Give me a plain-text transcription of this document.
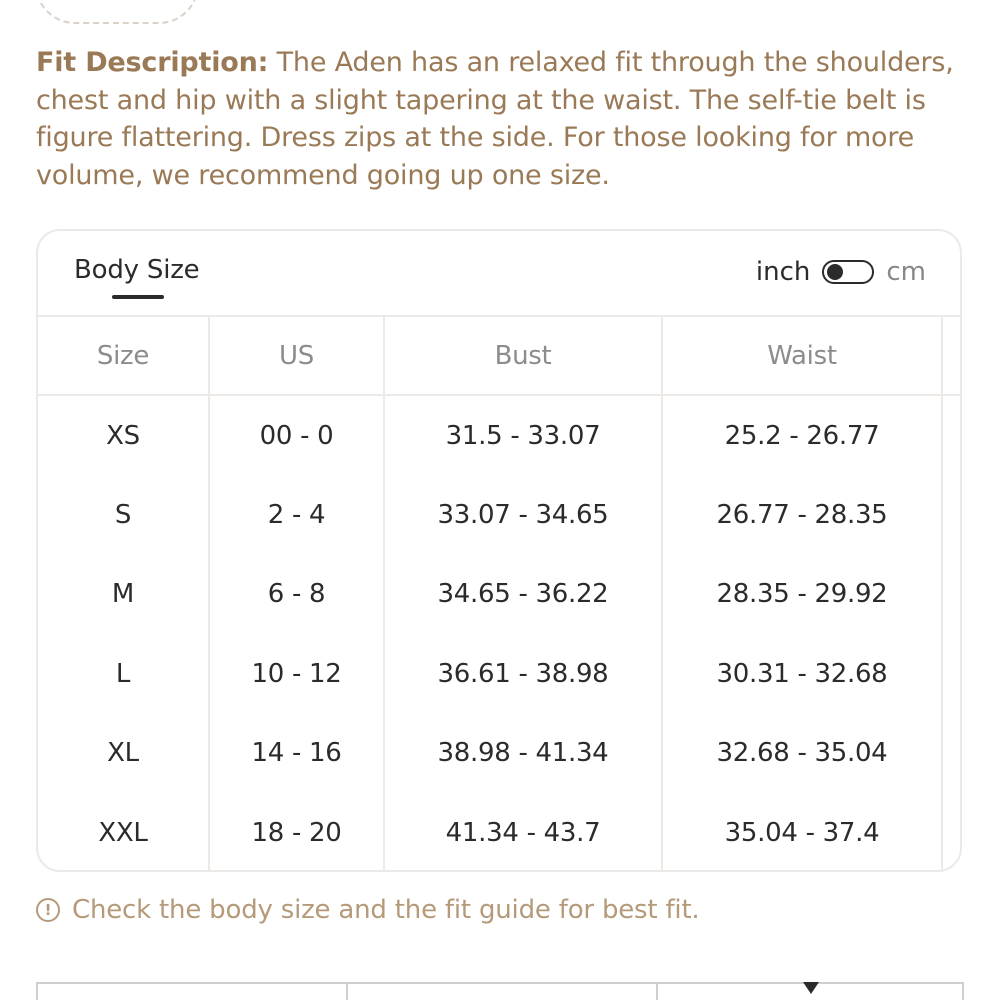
Fit Description: The Aden has an relaxed fit through the shoulders, chest and hip with a slight tapering at the waist. The self-tie belt is figure flattering. Dress zips at the side. For those looking for more volume, we recommend going up one size.
Body Size	inch	cm
Size	US	Bust	Waist
XS	00 - 0	31.5 - 33.07	25.2 - 26.77
S	2 - 4	33.07 - 34.65	26.77 - 28.35
M	6 - 8	34.65 - 36.22	28.35 - 29.92
L	10 - 12	36.61 - 38.98	30.31 - 32.68
XL	14 - 16	38.98 - 41.34	32.68 - 35.04
XXL	18 - 20	41.34 - 43.7	35.04 - 37.4
! Check the body size and the fit guide for best fit.
